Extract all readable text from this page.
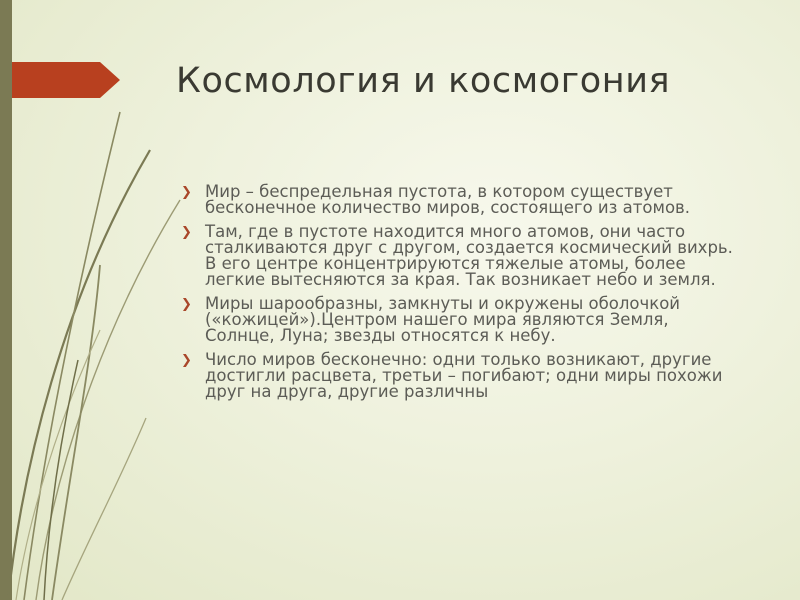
Космология и космогония
❯ Мир – беспредельная пустота, в котором существует бесконечное количество миров, состоящего из атомов.
❯ Там, где в пустоте находится много атомов, они часто сталкиваются друг с другом, создается космический вихрь. В его центре концентрируются тяжелые атомы, более легкие вытесняются за края. Так возникает небо и земля.
❯ Миры шарообразны, замкнуты и окружены оболочкой («кожицей»).Центром нашего мира являются Земля, Солнце, Луна; звезды относятся к небу.
❯ Число миров бесконечно: одни только возникают, другие достигли расцвета, третьи – погибают; одни миры похожи друг на друга, другие различны
